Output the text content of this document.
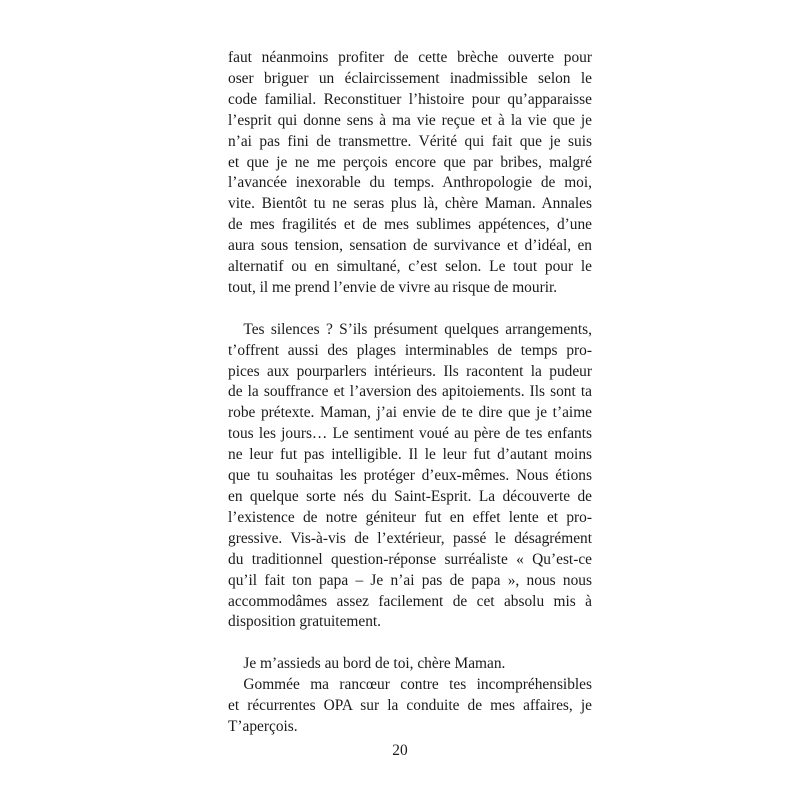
faut néanmoins profiter de cette brèche ouverte pour
oser briguer un éclaircissement inadmissible selon le
code familial. Reconstituer l’histoire pour qu’apparaisse
l’esprit qui donne sens à ma vie reçue et à la vie que je
n’ai pas fini de transmettre. Vérité qui fait que je suis
et que je ne me perçois encore que par bribes, malgré
l’avancée inexorable du temps. Anthropologie de moi,
vite. Bientôt tu ne seras plus là, chère Maman. Annales
de mes fragilités et de mes sublimes appétences, d’une
aura sous tension, sensation de survivance et d’idéal, en
alternatif ou en simultané, c’est selon. Le tout pour le
tout, il me prend l’envie de vivre au risque de mourir.
 Tes silences ? S’ils présument quelques arrangements,
t’offrent aussi des plages interminables de temps pro-
pices aux pourparlers intérieurs. Ils racontent la pudeur
de la souffrance et l’aversion des apitoiements. Ils sont ta
robe prétexte. Maman, j’ai envie de te dire que je t’aime
tous les jours… Le sentiment voué au père de tes enfants
ne leur fut pas intelligible. Il le leur fut d’autant moins
que tu souhaitas les protéger d’eux-mêmes. Nous étions
en quelque sorte nés du Saint-Esprit. La découverte de
l’existence de notre géniteur fut en effet lente et pro-
gressive. Vis-à-vis de l’extérieur, passé le désagrément
du traditionnel question-réponse surréaliste « Qu’est-ce
qu’il fait ton papa – Je n’ai pas de papa », nous nous
accommodâmes assez facilement de cet absolu mis à
disposition gratuitement.
 Je m’assieds au bord de toi, chère Maman.
 Gommée ma rancœur contre tes incompréhensibles
et récurrentes OPA sur la conduite de mes affaires, je
T’aperçois.
20
